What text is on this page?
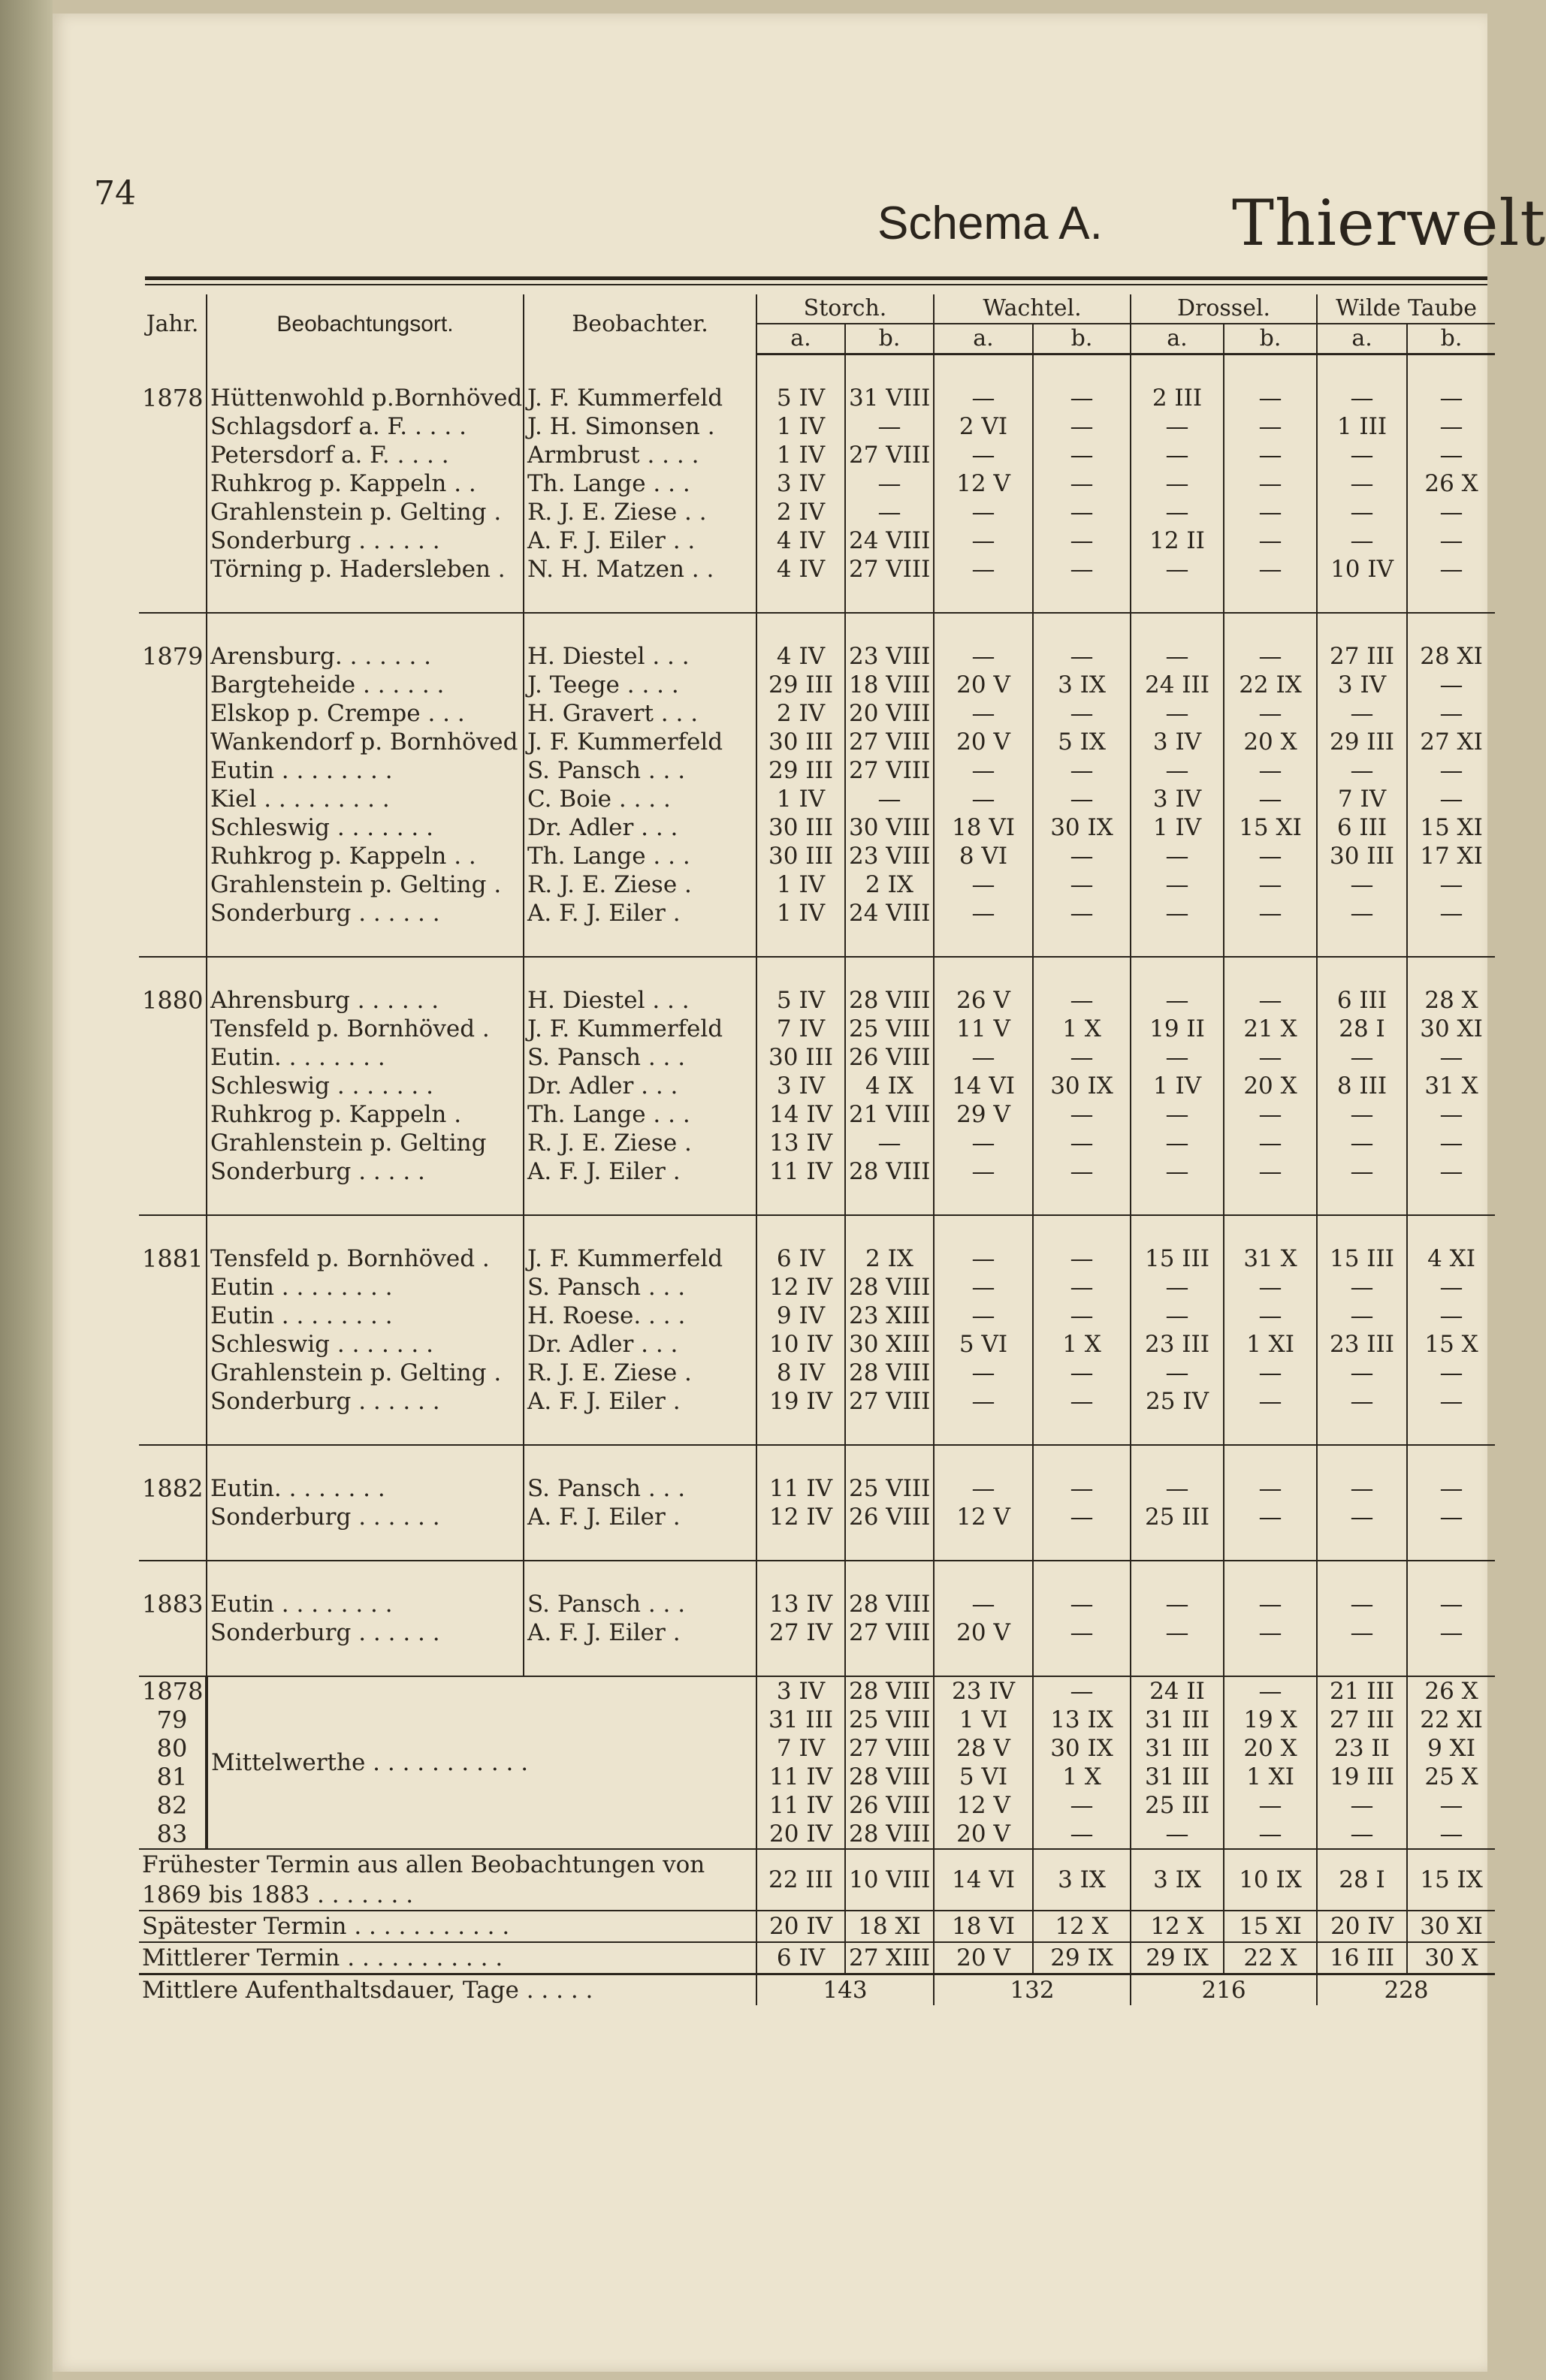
74
Schema A. Thierwelt
Jahr.	Beobachtungsort.	Beobachter.	Storch.		Wachtel.		Drossel.		Wilde Taube	
			a.	b.	a.	b.	a.	b.	a.	b.

1878	Hüttenwohld p.Bornhöved	J. F. Kummerfeld	5 IV	31 VIII	—	—	2 III	—	—	—
	Schlagsdorf a. F. . . . .	J. H. Simonsen .	1 IV	—	2 VI	—	—	—	1 III	—
	Petersdorf a. F. . . . .	Armbrust . . . .	1 IV	27 VIII	—	—	—	—	—	—
	Ruhkrog p. Kappeln . .	Th. Lange . . .	3 IV	—	12 V	—	—	—	—	26 X
	Grahlenstein p. Gelting .	R. J. E. Ziese . .	2 IV	—	—	—	—	—	—	—
	Sonderburg . . . . . .	A. F. J. Eiler . .	4 IV	24 VIII	—	—	12 II	—	—	—
	Törning p. Hadersleben .	N. H. Matzen . .	4 IV	27 VIII	—	—	—	—	10 IV	—

1879	Arensburg. . . . . . .	H. Diestel . . .	4 IV	23 VIII	—	—	—	—	27 III	28 XI
	Bargteheide . . . . . .	J. Teege . . . .	29 III	18 VIII	20 V	3 IX	24 III	22 IX	3 IV	—
	Elskop p. Crempe . . .	H. Gravert . . .	2 IV	20 VIII	—	—	—	—	—	—
	Wankendorf p. Bornhöved	J. F. Kummerfeld	30 III	27 VIII	20 V	5 IX	3 IV	20 X	29 III	27 XI
	Eutin . . . . . . . .	S. Pansch . . .	29 III	27 VIII	—	—	—	—	—	—
	Kiel . . . . . . . . .	C. Boie . . . .	1 IV	—	—	—	3 IV	—	7 IV	—
	Schleswig . . . . . . .	Dr. Adler . . .	30 III	30 VIII	18 VI	30 IX	1 IV	15 XI	6 III	15 XI
	Ruhkrog p. Kappeln . .	Th. Lange . . .	30 III	23 VIII	8 VI	—	—	—	30 III	17 XI
	Grahlenstein p. Gelting .	R. J. E. Ziese .	1 IV	2 IX	—	—	—	—	—	—
	Sonderburg . . . . . .	A. F. J. Eiler .	1 IV	24 VIII	—	—	—	—	—	—

1880	Ahrensburg . . . . . .	H. Diestel . . .	5 IV	28 VIII	26 V	—	—	—	6 III	28 X
	Tensfeld p. Bornhöved .	J. F. Kummerfeld	7 IV	25 VIII	11 V	1 X	19 II	21 X	28 I	30 XI
	Eutin. . . . . . . .	S. Pansch . . .	30 III	26 VIII	—	—	—	—	—	—
	Schleswig . . . . . . .	Dr. Adler . . .	3 IV	4 IX	14 VI	30 IX	1 IV	20 X	8 III	31 X
	Ruhkrog p. Kappeln .	Th. Lange . . .	14 IV	21 VIII	29 V	—	—	—	—	—
	Grahlenstein p. Gelting	R. J. E. Ziese .	13 IV	—	—	—	—	—	—	—
	Sonderburg . . . . .	A. F. J. Eiler .	11 IV	28 VIII	—	—	—	—	—	—

1881	Tensfeld p. Bornhöved .	J. F. Kummerfeld	6 IV	2 IX	—	—	15 III	31 X	15 III	4 XI
	Eutin . . . . . . . .	S. Pansch . . .	12 IV	28 VIII	—	—	—	—	—	—
	Eutin . . . . . . . .	H. Roese. . . .	9 IV	23 XIII	—	—	—	—	—	—
	Schleswig . . . . . . .	Dr. Adler . . .	10 IV	30 XIII	5 VI	1 X	23 III	1 XI	23 III	15 X
	Grahlenstein p. Gelting .	R. J. E. Ziese .	8 IV	28 VIII	—	—	—	—	—	—
	Sonderburg . . . . . .	A. F. J. Eiler .	19 IV	27 VIII	—	—	25 IV	—	—	—

1882	Eutin. . . . . . . .	S. Pansch . . .	11 IV	25 VIII	—	—	—	—	—	—
	Sonderburg . . . . . .	A. F. J. Eiler .	12 IV	26 VIII	12 V	—	25 III	—	—	—

1883	Eutin . . . . . . . .	S. Pansch . . .	13 IV	28 VIII	—	—	—	—	—	—
	Sonderburg . . . . . .	A. F. J. Eiler .	27 IV	27 VIII	20 V	—	—	—	—	—

1878	Mittelwerthe . . . . . . . . . . .		3 IV	28 VIII	23 IV	—	24 II	—	21 III	26 X
79			31 III	25 VIII	1 VI	13 IX	31 III	19 X	27 III	22 XI
80			7 IV	27 VIII	28 V	30 IX	31 III	20 X	23 II	9 XI
81			11 IV	28 VIII	5 VI	1 X	31 III	1 XI	19 III	25 X
82			11 IV	26 VIII	12 V	—	25 III	—	—	—
83			20 IV	28 VIII	20 V	—	—	—	—	—
Frühester Termin aus allen Beobachtungen von 1869 bis 1883 . . . . . . .			22 III	10 VIII	14 VI	3 IX	3 IX	10 IX	28 I	15 IX
Spätester Termin . . . . . . . . . . .			20 IV	18 XI	18 VI	12 X	12 X	15 XI	20 IV	30 XI
Mittlerer Termin . . . . . . . . . . .			6 IV	27 XIII	20 V	29 IX	29 IX	22 X	16 III	30 X
Mittlere Aufenthaltsdauer, Tage . . . . .			143		132		216		228	
